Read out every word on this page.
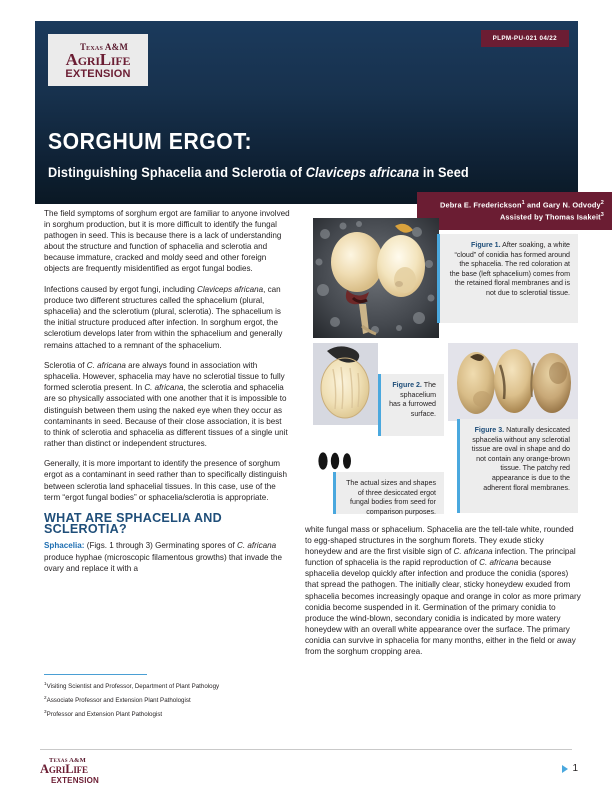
Texas A&M
AgriLife
EXTENSION
PLPM-PU-021 04/22
SORGHUM ERGOT:
Distinguishing Sphacelia and Sclerotia of Claviceps africana in Seed
Debra E. Frederickson$^1$ and Gary N. Odvody$^2$
Assisted by Thomas Isakeit$^3$
Figure 1. After soaking, a white “cloud” of conidia has formed around the sphacelia. The red coloration at the base (left sphacelium) comes from the retained floral membranes and is not due to sclerotial tissue.
Figure 2. The sphacelium has a furrowed surface.
Figure 3. Naturally desiccated sphacelia without any sclerotial tissue are oval in shape and do not contain any orange-brown tissue. The patchy red appearance is due to the adherent floral membranes.
The actual sizes and shapes of three desiccated ergot fungal bodies from seed for comparison purposes.

The field symptoms of sorghum ergot are familiar to anyone involved in sorghum production, but it is more difficult to identify the fungal pathogen in seed. This is because there is a lack of understanding about the structure and function of sphacelia and sclerotia and because immature, cracked and moldy seed and other foreign objects are frequently misidentified as ergot fungal bodies.

Infections caused by ergot fungi, including Claviceps africana, can produce two different structures called the sphacelium (plural, sphacelia) and the sclerotium (plural, sclerotia). The sphacelium is the initial structure produced after infection. In sorghum ergot, the sclerotium develops later from within the sphacelium and generally remains attached to a remnant of the sphacelium.

Sclerotia of C. africana are always found in association with sphacelia. However, sphacelia may have no sclerotial tissue to fully formed sclerotia present. In C. africana, the sclerotia and sphacelia are so physically associated with one another that it is impossible to distinguish between them using the naked eye when they occur as contaminants in seed. Because of their close association, it is best to think of sclerotia and sphacelia as different tissues of a single unit rather than distinct or independent structures.

Generally, it is more important to identify the presence of sorghum ergot as a contaminant in seed rather than to specifically distinguish between sclerotia land sphacelial tissues. In this case, use of the term “ergot fungal bodies” or sphacelia/sclerotia is appropriate.

WHAT ARE SPHACELIA AND SCLEROTIA?

Sphacelia: (Figs. 1 through 3) Germinating spores of C. africana produce hyphae (microscopic filamentous growths) that invade the ovary and replace it with a

$^1$Visiting Scientist and Professor, Department of Plant Pathology
$^2$Associate Professor and Extension Plant Pathologist
$^3$Professor and Extension Plant Pathologist

white fungal mass or sphacelium. Sphacelia are the tell-tale white, rounded to egg-shaped structures in the sorghum florets. They exude sticky honeydew and are the first visible sign of C. africana infection. The principal function of sphacelia is the rapid reproduction of C. africana because sphacelia develop quickly after infection and produce the conidia (spores) that spread the pathogen. The initially clear, sticky honeydew exuded from sphacelia becomes increasingly opaque and orange in color as more primary conidia become suspended in it. Germination of the primary conidia to produce the wind-blown, secondary conidia is indicated by more watery honeydew with an overall white appearance over the surface. The primary conidia can survive in sphacelia for many months, either in the field or away from the sorghum cropping area.

Texas A&M
AgriLife
EXTENSION
1
